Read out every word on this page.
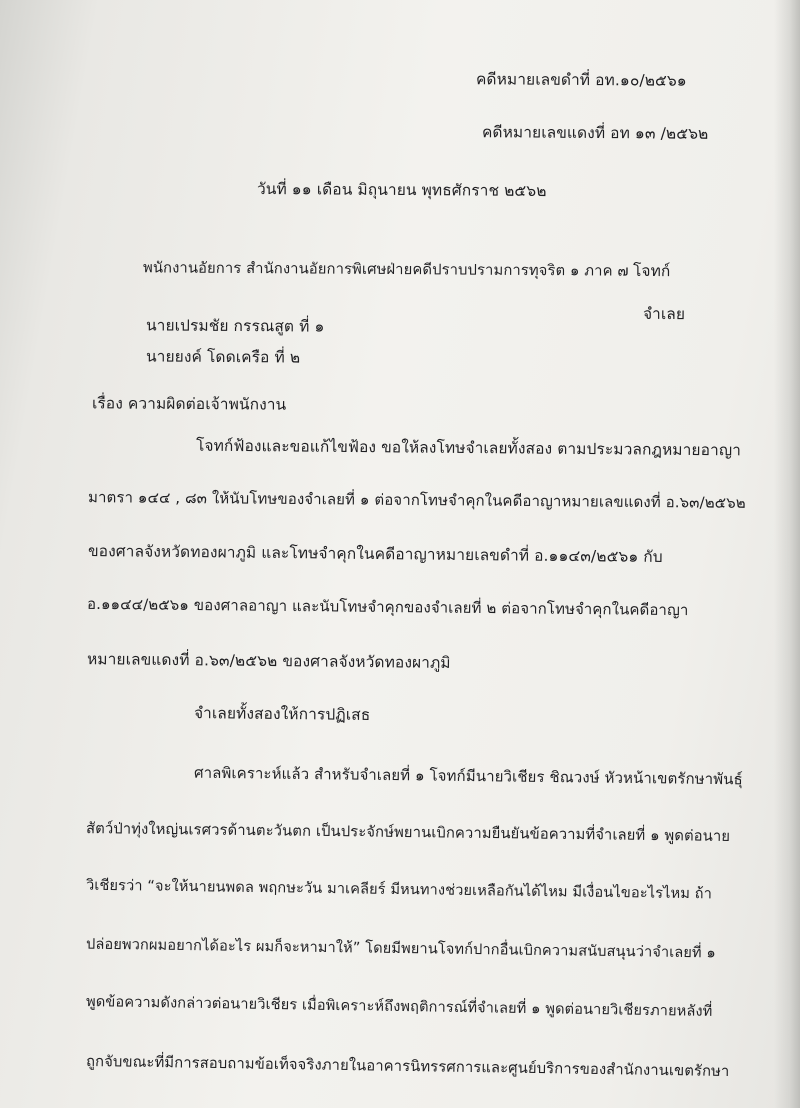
คดีหมายเลขดำที่ อท.๑๐/๒๕๖๑
คดีหมายเลขแดงที่ อท ๑๓ /๒๕๖๒
วันที่ ๑๑ เดือน มิถุนายน พุทธศักราช ๒๕๖๒
พนักงานอัยการ สำนักงานอัยการพิเศษฝ่ายคดีปราบปรามการทุจริต ๑ ภาค ๗ โจทก์
จำเลย
นายเปรมชัย กรรณสูต ที่ ๑
นายยงค์ โดดเครือ ที่ ๒
เรื่อง ความผิดต่อเจ้าพนักงาน
โจทก์ฟ้องและขอแก้ไขฟ้อง ขอให้ลงโทษจำเลยทั้งสอง ตามประมวลกฎหมายอาญา
มาตรา ๑๔๔ , ๘๓ ให้นับโทษของจำเลยที่ ๑ ต่อจากโทษจำคุกในคดีอาญาหมายเลขแดงที่ อ.๖๓/๒๕๖๒
ของศาลจังหวัดทองผาภูมิ และโทษจำคุกในคดีอาญาหมายเลขดำที่ อ.๑๑๔๓/๒๕๖๑ กับ
อ.๑๑๔๔/๒๕๖๑ ของศาลอาญา และนับโทษจำคุกของจำเลยที่ ๒ ต่อจากโทษจำคุกในคดีอาญา
หมายเลขแดงที่ อ.๖๓/๒๕๖๒ ของศาลจังหวัดทองผาภูมิ
จำเลยทั้งสองให้การปฏิเสธ
ศาลพิเคราะห์แล้ว สำหรับจำเลยที่ ๑ โจทก์มีนายวิเชียร ชิณวงษ์ หัวหน้าเขตรักษาพันธุ์
สัตว์ป่าทุ่งใหญ่นเรศวรด้านตะวันตก เป็นประจักษ์พยานเบิกความยืนยันข้อความที่จำเลยที่ ๑ พูดต่อนาย
วิเชียรว่า “จะให้นายนพดล พฤกษะวัน มาเคลียร์ มีหนทางช่วยเหลือกันได้ไหม มีเงื่อนไขอะไรไหม ถ้า
ปล่อยพวกผมอยากได้อะไร ผมก็จะหามาให้” โดยมีพยานโจทก์ปากอื่นเบิกความสนับสนุนว่าจำเลยที่ ๑
พูดข้อความดังกล่าวต่อนายวิเชียร เมื่อพิเคราะห์ถึงพฤติการณ์ที่จำเลยที่ ๑ พูดต่อนายวิเชียรภายหลังที่
ถูกจับขณะที่มีการสอบถามข้อเท็จจริงภายในอาคารนิทรรศการและศูนย์บริการของสำนักงานเขตรักษา
